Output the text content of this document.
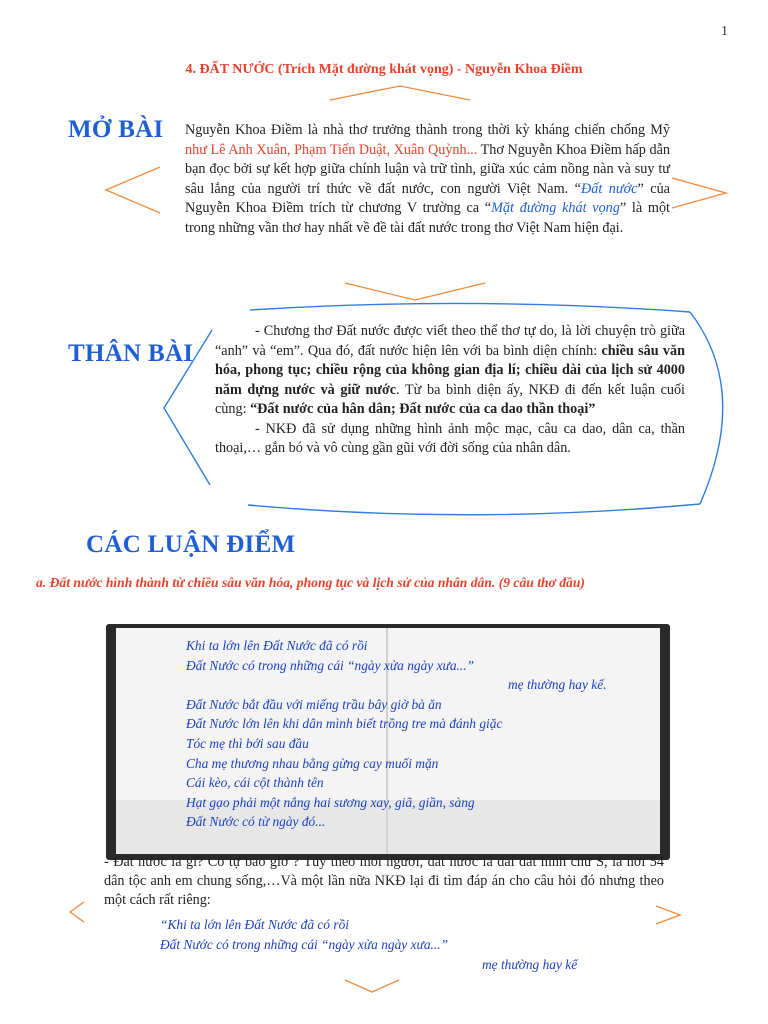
1
4. ĐẤT NƯỚC (Trích Mặt đường khát vọng) - Nguyễn Khoa Điềm
MỞ BÀI Nguyễn Khoa Điềm là nhà thơ trưởng thành trong thời kỳ kháng chiến chống Mỹ như Lê Anh Xuân, Phạm Tiến Duật, Xuân Quỳnh... Thơ Nguyễn Khoa Điềm hấp dẫn bạn đọc bởi sự kết hợp giữa chính luận và trữ tình, giữa xúc cảm nồng nàn và suy tư sâu lắng của người trí thức về đất nước, con người Việt Nam. “Đất nước” của Nguyễn Khoa Điềm trích từ chương V trường ca “Mặt đường khát vọng” là một trong những vần thơ hay nhất về đề tài đất nước trong thơ Việt Nam hiện đại.
THÂN BÀI
- Chương thơ Đất nước được viết theo thể thơ tự do, là lời chuyện trò giữa “anh” và “em”. Qua đó, đất nước hiện lên với ba bình diện chính: chiều sâu văn hóa, phong tục; chiều rộng của không gian địa lí; chiều dài của lịch sử 4000 năm dựng nước và giữ nước. Từ ba bình diện ấy, NKĐ đi đến kết luận cuối cùng: “Đất nước của hân dân; Đất nước của ca dao thần thoại”
- NKĐ đã sử dụng những hình ảnh mộc mạc, câu ca dao, dân ca, thần thoại,… gắn bó và vô cùng gần gũi với đời sống của nhân dân.
CÁC LUẬN ĐIỂM
a. Đất nước hình thành từ chiều sâu văn hóa, phong tục và lịch sử của nhân dân. (9 câu thơ đầu)
Khi ta lớn lên Đất Nước đã có rồi
Đất Nước có trong những cái “ngày xửa ngày xưa...”
mẹ thường hay kể.
Đất Nước bắt đầu với miếng trầu bây giờ bà ăn
Đất Nước lớn lên khi dân mình biết trồng tre mà đánh giặc
Tóc mẹ thì bới sau đầu
Cha mẹ thương nhau bằng gừng cay muối mặn
Cái kèo, cái cột thành tên
Hạt gạo phải một nắng hai sương xay, giã, giần, sàng
Đất Nước có từ ngày đó...
- Đất nước là gì? Có tự bao giờ ? Tùy theo mỗi người, đất nước là dải đất hình chữ S, là nơi 54 dân tộc anh em chung sống,…Và một lần nữa NKĐ lại đi tìm đáp án cho câu hỏi đó nhưng theo một cách rất riêng:
“Khi ta lớn lên Đất Nước đã có rồi
Đất Nước có trong những cái “ngày xửa ngày xưa...”
mẹ thường hay kể
